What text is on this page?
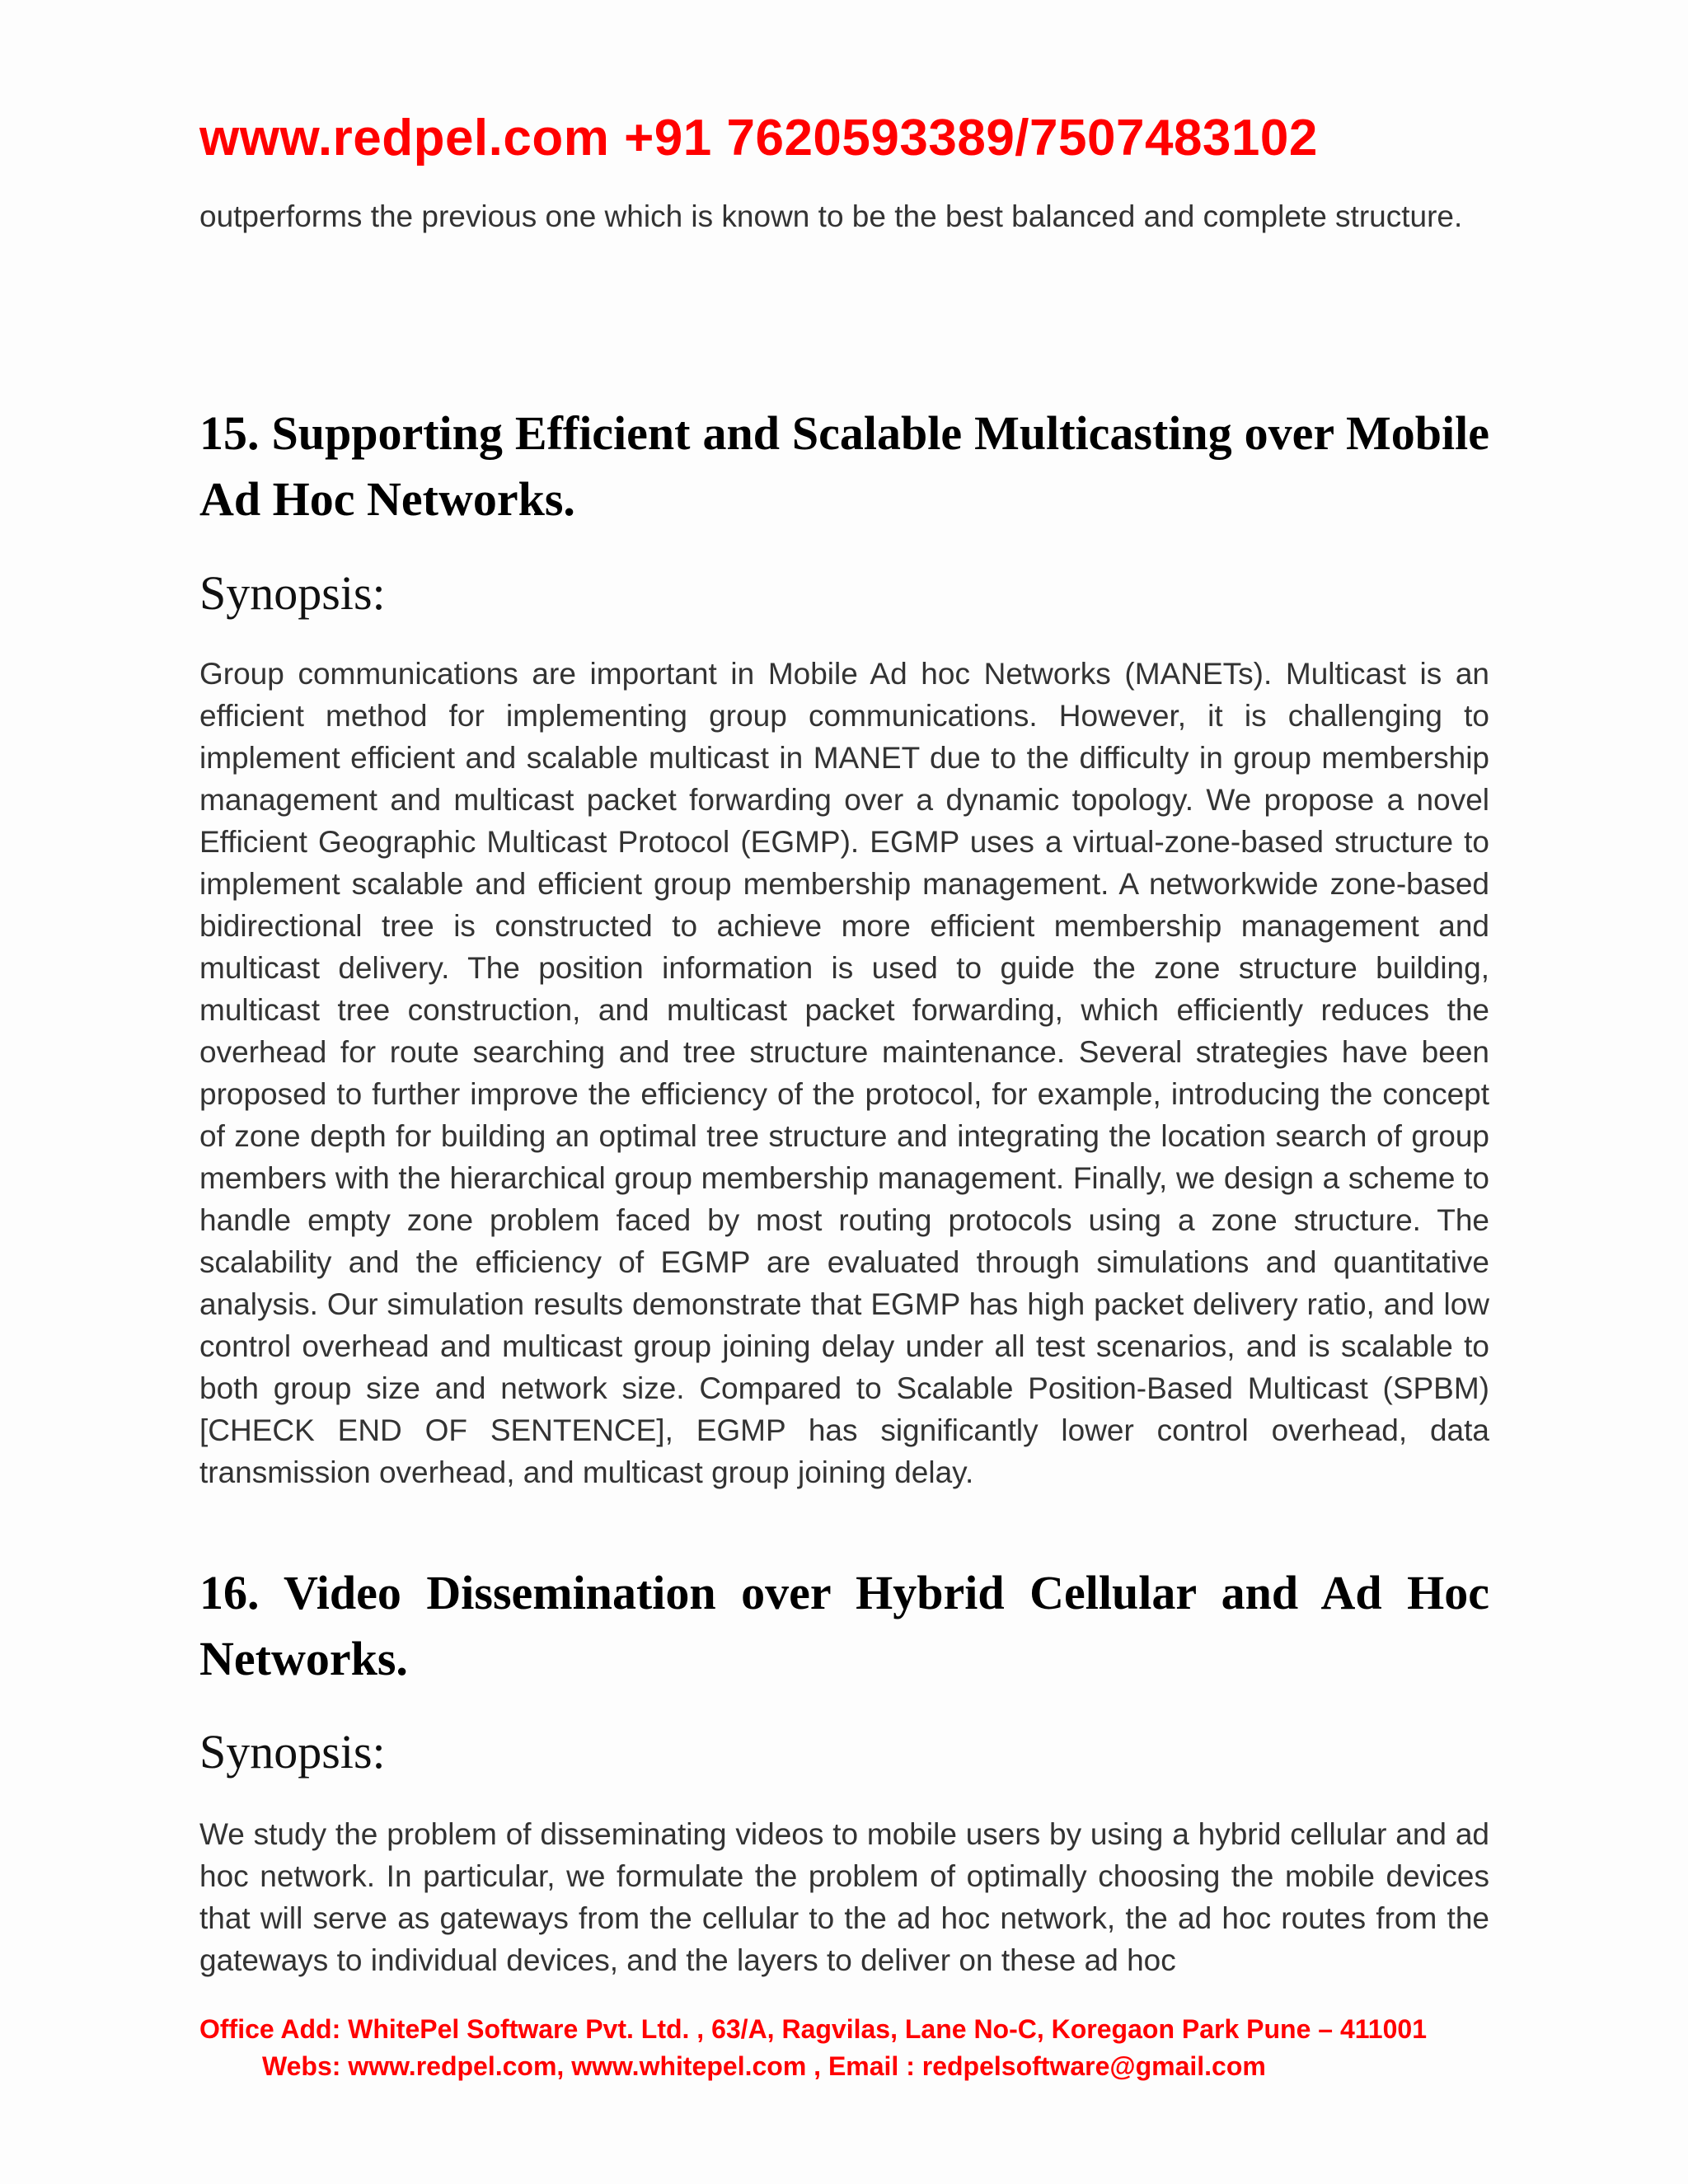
www.redpel.com +91 7620593389/7507483102

outperforms the previous one which is known to be the best balanced and complete structure.

15. Supporting Efficient and Scalable Multicasting over Mobile Ad Hoc Networks.
Synopsis:

Group communications are important in Mobile Ad hoc Networks (MANETs). Multicast is an efficient method for implementing group communications. However, it is challenging to implement efficient and scalable multicast in MANET due to the difficulty in group membership management and multicast packet forwarding over a dynamic topology. We propose a novel Efficient Geographic Multicast Protocol (EGMP). EGMP uses a virtual-zone-based structure to implement scalable and efficient group membership management. A networkwide zone-based bidirectional tree is constructed to achieve more efficient membership management and multicast delivery. The position information is used to guide the zone structure building, multicast tree construction, and multicast packet forwarding, which efficiently reduces the overhead for route searching and tree structure maintenance. Several strategies have been proposed to further improve the efficiency of the protocol, for example, introducing the concept of zone depth for building an optimal tree structure and integrating the location search of group members with the hierarchical group membership management. Finally, we design a scheme to handle empty zone problem faced by most routing protocols using a zone structure. The scalability and the efficiency of EGMP are evaluated through simulations and quantitative analysis. Our simulation results demonstrate that EGMP has high packet delivery ratio, and low control overhead and multicast group joining delay under all test scenarios, and is scalable to both group size and network size. Compared to Scalable Position-Based Multicast (SPBM) [CHECK END OF SENTENCE], EGMP has significantly lower control overhead, data transmission overhead, and multicast group joining delay.

16. Video Dissemination over Hybrid Cellular and Ad Hoc Networks.
Synopsis:

We study the problem of disseminating videos to mobile users by using a hybrid cellular and ad hoc network. In particular, we formulate the problem of optimally choosing the mobile devices that will serve as gateways from the cellular to the ad hoc network, the ad hoc routes from the gateways to individual devices, and the layers to deliver on these ad hoc

Office Add: WhitePel Software Pvt. Ltd. , 63/A, Ragvilas, Lane No-C, Koregaon Park Pune – 411001
Webs: www.redpel.com, www.whitepel.com , Email : redpelsoftware@gmail.com
